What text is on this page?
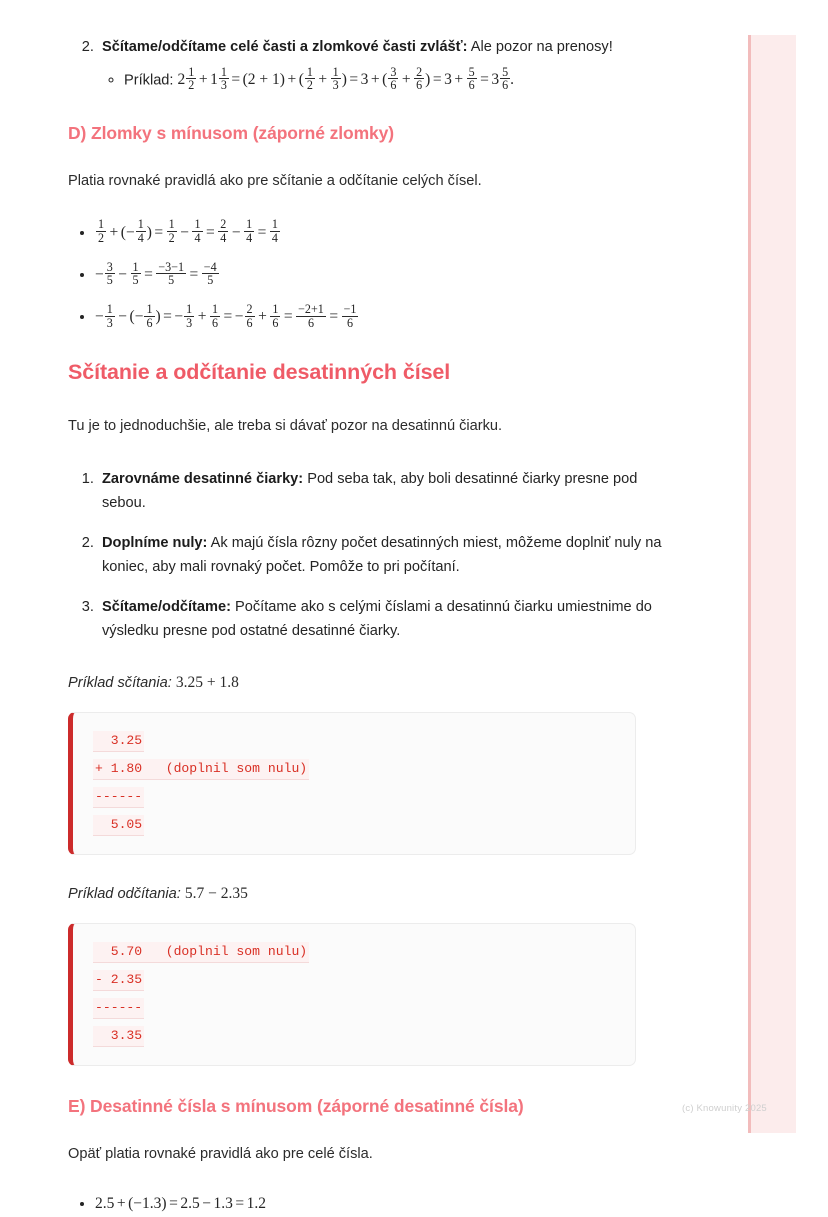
2. Sčítame/odčítame celé časti a zlomkové časti zvlášť: Ale pozor na prenosy!
◦ Príklad: $2 \frac{1}{2} + 1 \frac{1}{3} = (2 + 1)$ + ( $\frac{1}{2} + \frac{1}{3}$ ) = 3 + ( $\frac{3}{6} + \frac{2}{6}$ ) = $3 + \frac{5}{6} = 3 \frac{5}{6}$ .
D) Zlomky s mínusom (záporné zlomky)

Platia rovnaké pravidlá ako pre sčítanie a odčítanie celých čísel.

• $\frac{1}{2}$ + (− $\frac{1}{4}$ ) = $\frac{1}{2} - \frac{1}{4} = \frac{2}{4} - \frac{1}{4} = \frac{1}{4}$
• − $\frac{3}{5} - \frac{1}{5} = \frac{-3-1}{5} = \frac{-4}{5}$
• − $\frac{1}{3}$ − (− $\frac{1}{6}$ ) = − $\frac{1}{3} + \frac{1}{6}$ = − $\frac{2}{6} + \frac{1}{6} = \frac{-2+1}{6} = \frac{-1}{6}$
Sčítanie a odčítanie desatinných čísel

Tu je to jednoduchšie, ale treba si dávať pozor na desatinnú čiarku.

1. Zarovnáme desatinné čiarky: Pod seba tak, aby boli desatinné čiarky presne pod sebou.
2. Doplníme nuly: Ak majú čísla rôzny počet desatinných miest, môžeme doplniť nuly na koniec, aby mali rovnaký počet. Pomôže to pri počítaní.
3. Sčítame/odčítame: Počítame ako s celými číslami a desatinnú čiarku umiestnime do výsledku presne pod ostatné desatinné čiarky.

Príklad sčítania: 3.25 + 1.8

3.25
+ 1.80   (doplnil som nulu)
------
5.05

Príklad odčítania: 5.7 − 2.35

5.70   (doplnil som nulu)
- 2.35
------
3.35
E) Desatinné čísla s mínusom (záporné desatinné čísla)

Opäť platia rovnaké pravidlá ako pre celé čísla.

• 2.5 + (−1.3) = 2.5 − 1.3 = 1.2
(c) Knowunity 2025
